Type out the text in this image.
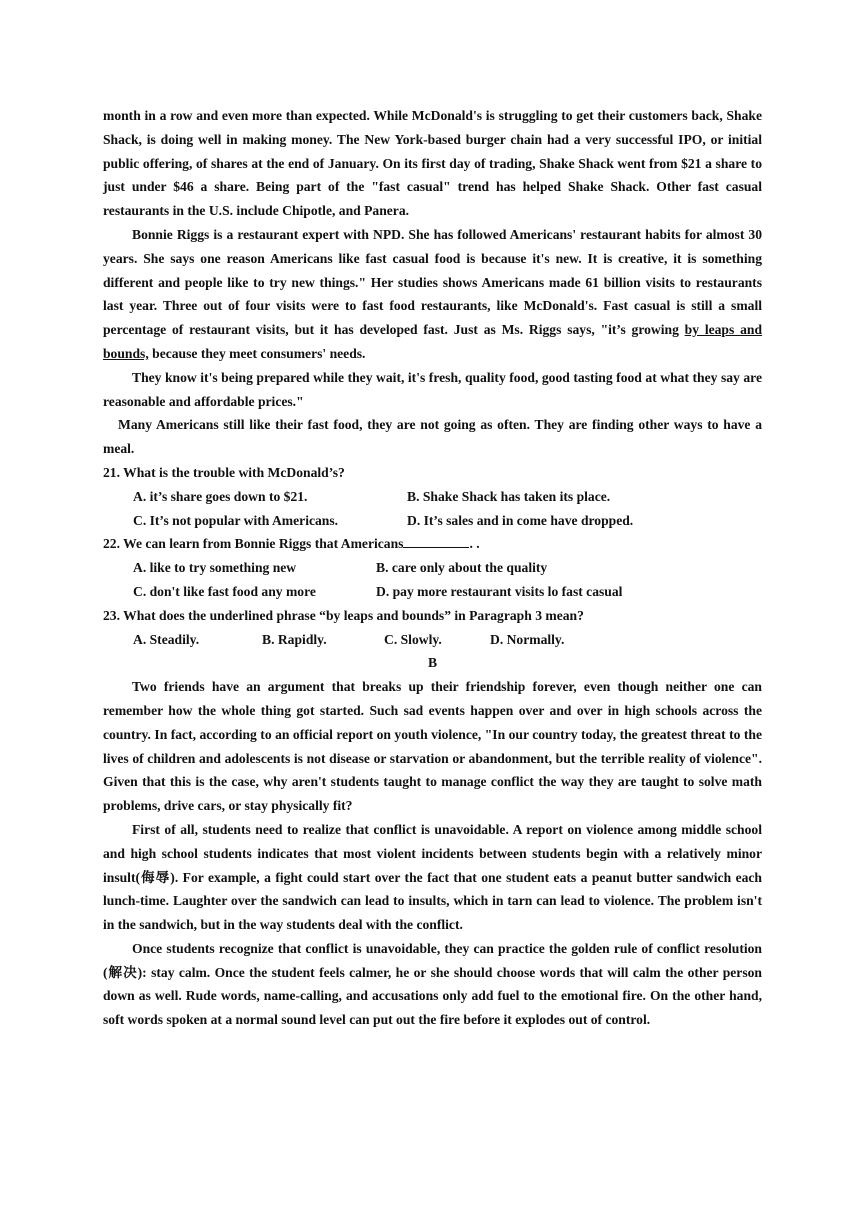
month in a row and even more than expected. While McDonald's is struggling to get their customers back, Shake Shack, is doing well in making money. The New York-based burger chain had a very successful IPO, or initial public offering, of shares at the end of January. On its first day of trading, Shake Shack went from $21 a share to just under $46 a share. Being part of the "fast casual" trend has helped Shake Shack. Other fast casual restaurants in the U.S. include Chipotle, and Panera.

Bonnie Riggs is a restaurant expert with NPD. She has followed Americans' restaurant habits for almost 30 years. She says one reason Americans like fast casual food is because it's new. It is creative, it is something different and people like to try new things." Her studies shows Americans made 61 billion visits to restaurants last year. Three out of four visits were to fast food restaurants, like McDonald's. Fast casual is still a small percentage of restaurant visits, but it has developed fast. Just as Ms. Riggs says, "it’s growing by leaps and bounds, because they meet consumers' needs.

They know it's being prepared while they wait, it's fresh, quality food, good tasting food at what they say are reasonable and affordable prices."

Many Americans still like their fast food, they are not going as often. They are finding other ways to have a meal.

21. What is the trouble with McDonald’s?

A. it’s share goes down to $21.	B. Shake Shack has taken its place.
C. It’s not popular with Americans.	D. It’s sales and in come have dropped.

22. We can learn from Bonnie Riggs that Americans	. .

A. like to try something new	B. care only about the quality
C. don't like fast food any more	D. pay more restaurant visits lo fast casual

23. What does the underlined phrase “by leaps and bounds” in Paragraph 3 mean?

A. Steadily.	B. Rapidly.	C. Slowly.	D. Normally.

B

Two friends have an argument that breaks up their friendship forever, even though neither one can remember how the whole thing got started. Such sad events happen over and over in high schools across the country. In fact, according to an official report on youth violence, "In our country today, the greatest threat to the lives of children and adolescents is not disease or starvation or abandonment, but the terrible reality of violence". Given that this is the case, why aren't students taught to manage conflict the way they are taught to solve math problems, drive cars, or stay physically fit?

First of all, students need to realize that conflict is unavoidable. A report on violence among middle school and high school students indicates that most violent incidents between students begin with a relatively minor insult(侮辱). For example, a fight could start over the fact that one student eats a peanut butter sandwich each lunch-time. Laughter over the sandwich can lead to insults, which in tarn can lead to violence. The problem isn't in the sandwich, but in the way students deal with the conflict.

Once students recognize that conflict is unavoidable, they can practice the golden rule of conflict resolution (解决): stay calm. Once the student feels calmer, he or she should choose words that will calm the other person down as well. Rude words, name-calling, and accusations only add fuel to the emotional fire. On the other hand, soft words spoken at a normal sound level can put out the fire before it explodes out of control.
